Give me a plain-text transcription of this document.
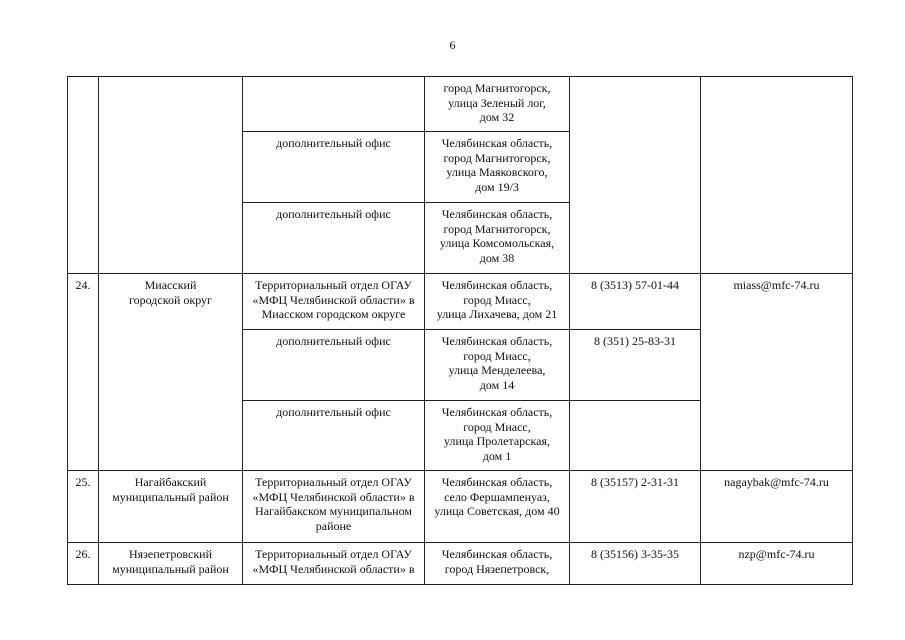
6

			город Магнитогорск,
улица Зеленый лог,
дом 32		

		дополнительный офис	Челябинская область,
город Магнитогорск,
улица Маяковского,
дом 19/3		

		дополнительный офис	Челябинская область,
город Магнитогорск,
улица Комсомольская,
дом 38		

24.	Миасский
городской округ	Территориальный отдел ОГАУ
«МФЦ Челябинской области» в
Миасском городском округе	Челябинская область,
город Миасс,
улица Лихачева, дом 21	8 (3513) 57-01-44	miass@mfc-74.ru

		дополнительный офис	Челябинская область,
город Миасс,
улица Менделеева,
дом 14	8 (351) 25-83-31	

		дополнительный офис	Челябинская область,
город Миасс,
улица Пролетарская,
дом 1		

25.	Нагайбакский
муниципальный район	Территориальный отдел ОГАУ
«МФЦ Челябинской области» в
Нагайбакском муниципальном
районе	Челябинская область,
село Фершампенуаз,
улица Советская, дом 40	8 (35157) 2-31-31	nagaybak@mfc-74.ru

26.	Нязепетровский
муниципальный район	Территориальный отдел ОГАУ
«МФЦ Челябинской области» в	Челябинская область,
город Нязепетровск,	8 (35156) 3-35-35	nzp@mfc-74.ru
